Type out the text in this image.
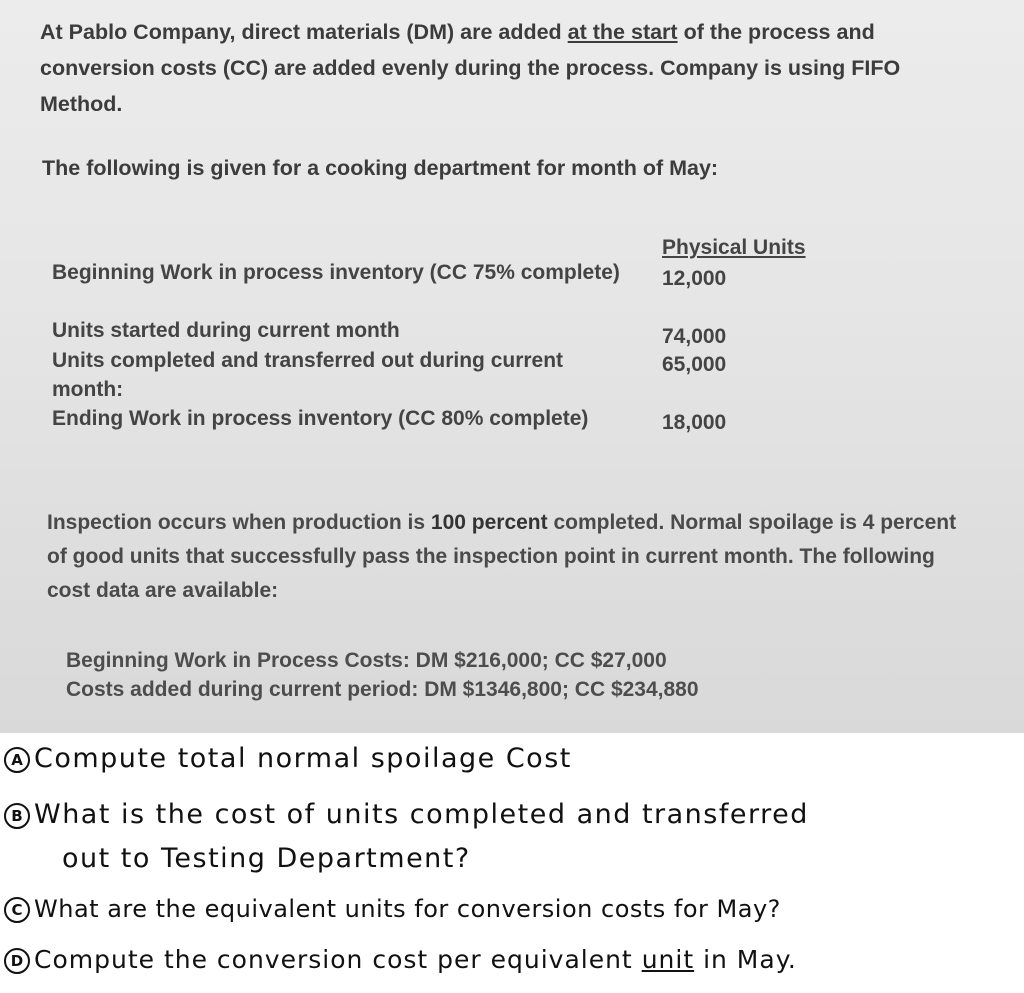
At Pablo Company, direct materials (DM) are added at the start of the process and conversion costs (CC) are added evenly during the process. Company is using FIFO Method.

The following is given for a cooking department for month of May:

Physical Units
Beginning Work in process inventory (CC 75% complete) 12,000
Units started during current month	74,000
Units completed and transferred out during current month:
65,000
Ending Work in process inventory (CC 80% complete)	18,000

Inspection occurs when production is 100 percent completed. Normal spoilage is 4 percent of good units that successfully pass the inspection point in current month. The following cost data are available:

Beginning Work in Process Costs: DM $216,000; CC $27,000
Costs added during current period: DM $1346,800; CC $234,880
A Compute total normal spoilage Cost
B What is the cost of units completed and transferred
out to Testing Department?
C What are the equivalent units for conversion costs for May?
D Compute the conversion cost per equivalent unit in May.
